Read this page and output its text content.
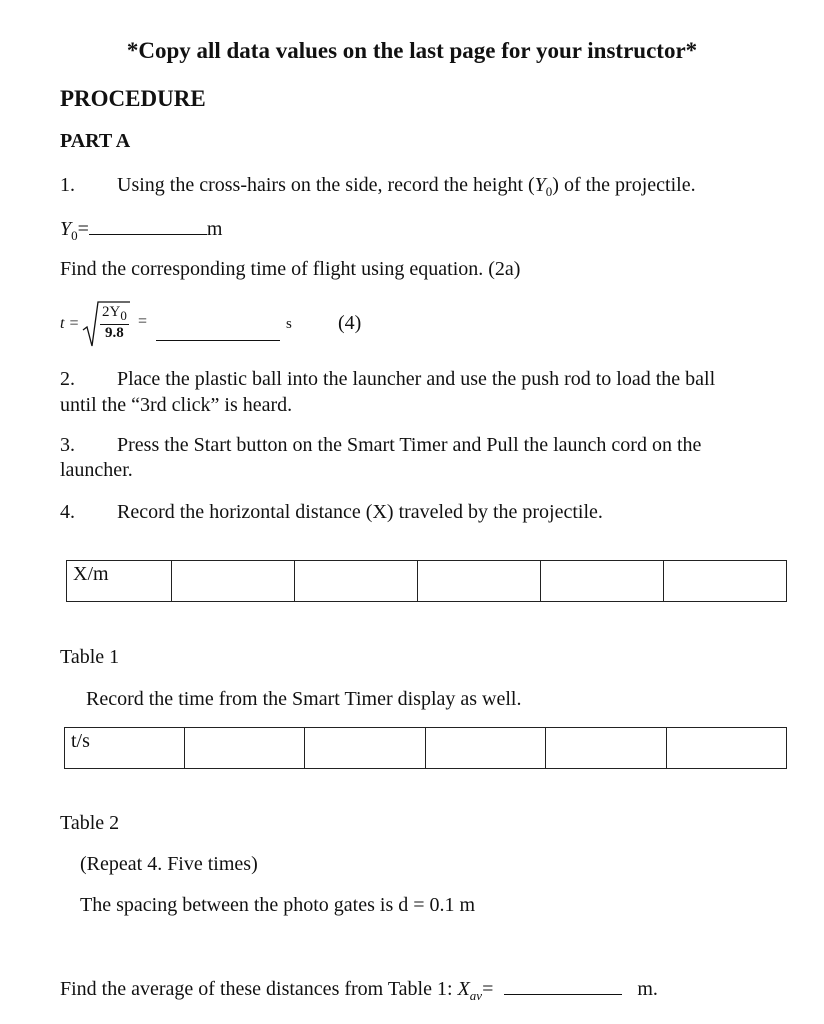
*Copy all data values on the last page for your instructor*
PROCEDURE
PART A
1. Using the cross-hairs on the side, record the height $(Y_0)$ of the projectile.
$Y_0=$	m
Find the corresponding time of flight using equation. (2a)
$t = \frac{2Y_0}{9.8}$ =	s (4)
2. Place the plastic ball into the launcher and use the push rod to load the ball
until the “3rd click” is heard.
3. Press the Start button on the Smart Timer and Pull the launch cord on the
launcher.
4. Record the horizontal distance (X) traveled by the projectile.
X/m					
Table 1
Record the time from the Smart Timer display as well.
t/s					
Table 2
(Repeat 4. Five times)
The spacing between the photo gates is d = 0.1 m
Find the average of these distances from Table 1: $X_{av}=$	m.
